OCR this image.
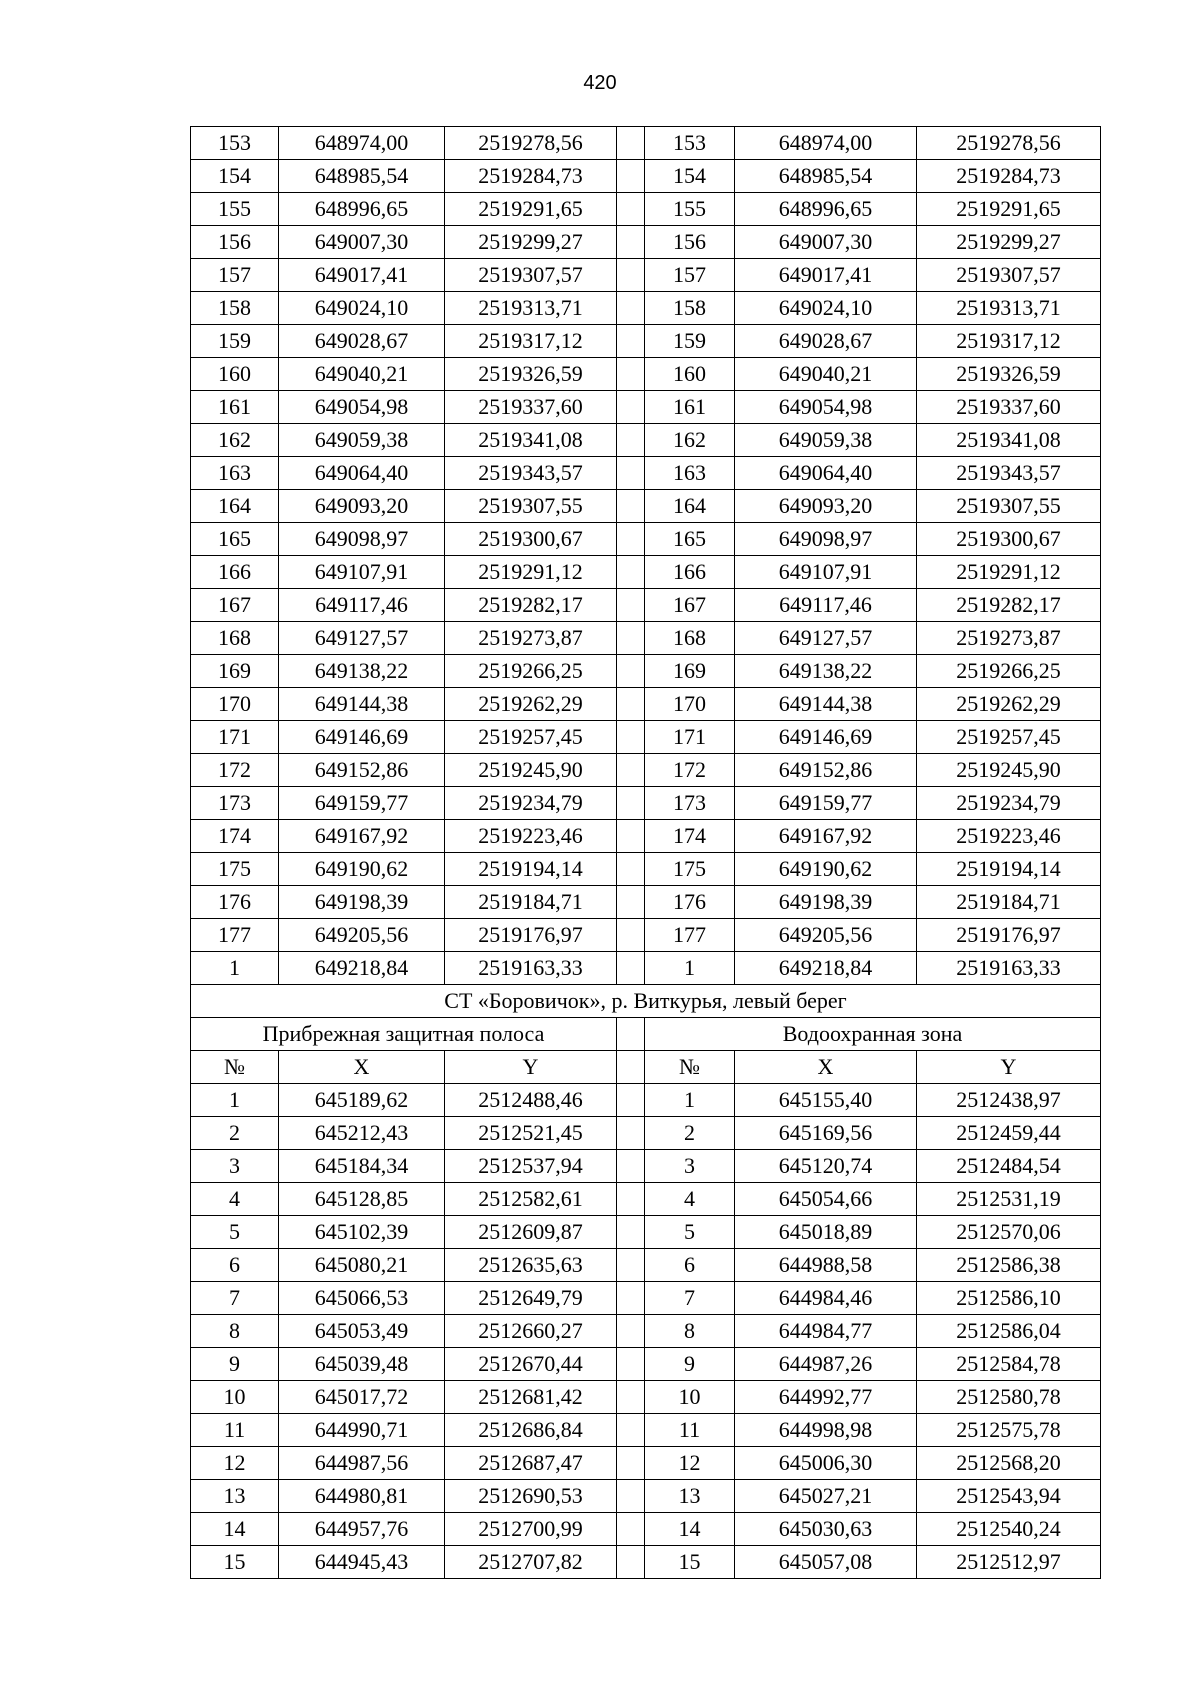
420
153	648974,00	2519278,56		153	648974,00	2519278,56
154	648985,54	2519284,73		154	648985,54	2519284,73
155	648996,65	2519291,65		155	648996,65	2519291,65
156	649007,30	2519299,27		156	649007,30	2519299,27
157	649017,41	2519307,57		157	649017,41	2519307,57
158	649024,10	2519313,71		158	649024,10	2519313,71
159	649028,67	2519317,12		159	649028,67	2519317,12
160	649040,21	2519326,59		160	649040,21	2519326,59
161	649054,98	2519337,60		161	649054,98	2519337,60
162	649059,38	2519341,08		162	649059,38	2519341,08
163	649064,40	2519343,57		163	649064,40	2519343,57
164	649093,20	2519307,55		164	649093,20	2519307,55
165	649098,97	2519300,67		165	649098,97	2519300,67
166	649107,91	2519291,12		166	649107,91	2519291,12
167	649117,46	2519282,17		167	649117,46	2519282,17
168	649127,57	2519273,87		168	649127,57	2519273,87
169	649138,22	2519266,25		169	649138,22	2519266,25
170	649144,38	2519262,29		170	649144,38	2519262,29
171	649146,69	2519257,45		171	649146,69	2519257,45
172	649152,86	2519245,90		172	649152,86	2519245,90
173	649159,77	2519234,79		173	649159,77	2519234,79
174	649167,92	2519223,46		174	649167,92	2519223,46
175	649190,62	2519194,14		175	649190,62	2519194,14
176	649198,39	2519184,71		176	649198,39	2519184,71
177	649205,56	2519176,97		177	649205,56	2519176,97
1	649218,84	2519163,33		1	649218,84	2519163,33
СТ «Боровичок», р. Виткурья, левый берег						
Прибрежная защитная полоса				Водоохранная зона		
№	X	Y		№	X	Y
1	645189,62	2512488,46		1	645155,40	2512438,97
2	645212,43	2512521,45		2	645169,56	2512459,44
3	645184,34	2512537,94		3	645120,74	2512484,54
4	645128,85	2512582,61		4	645054,66	2512531,19
5	645102,39	2512609,87		5	645018,89	2512570,06
6	645080,21	2512635,63		6	644988,58	2512586,38
7	645066,53	2512649,79		7	644984,46	2512586,10
8	645053,49	2512660,27		8	644984,77	2512586,04
9	645039,48	2512670,44		9	644987,26	2512584,78
10	645017,72	2512681,42		10	644992,77	2512580,78
11	644990,71	2512686,84		11	644998,98	2512575,78
12	644987,56	2512687,47		12	645006,30	2512568,20
13	644980,81	2512690,53		13	645027,21	2512543,94
14	644957,76	2512700,99		14	645030,63	2512540,24
15	644945,43	2512707,82		15	645057,08	2512512,97
